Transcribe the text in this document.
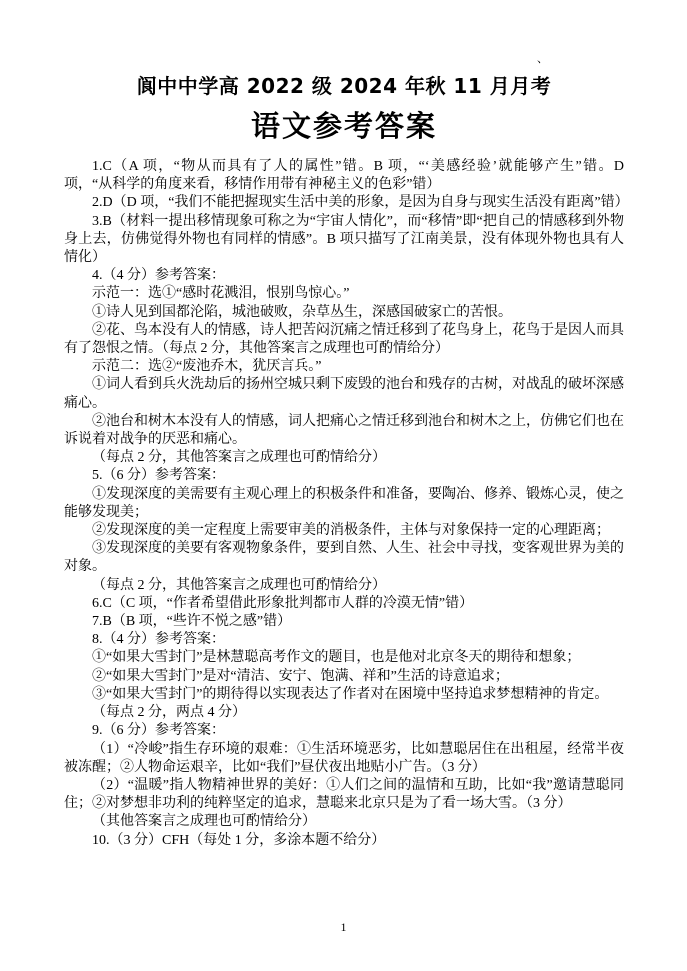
、
阆中中学高 2022 级 2024 年秋 11 月月考
语文参考答案

1.C（A 项，“物从而具有了人的属性”错。B 项，“‘美感经验’就能够产生”错。D 项，“从科学的角度来看，移情作用带有神秘主义的色彩”错）

2.D（D 项，“我们不能把握现实生活中美的形象，是因为自身与现实生活没有距离”错）

3.B（材料一提出移情现象可称之为“宇宙人情化”，而“移情”即“把自己的情感移到外物身上去，仿佛觉得外物也有同样的情感”。B 项只描写了江南美景，没有体现外物也具有人情化）

4.（4 分）参考答案：

示范一：选①“感时花溅泪，恨别鸟惊心。”

①诗人见到国都沦陷，城池破败，杂草丛生，深感国破家亡的苦恨。

②花、鸟本没有人的情感，诗人把苦闷沉痛之情迁移到了花鸟身上，花鸟于是因人而具有了怨恨之情。（每点 2 分，其他答案言之成理也可酌情给分）

示范二：选②“废池乔木，犹厌言兵。”

①词人看到兵火洗劫后的扬州空城只剩下废毁的池台和残存的古树，对战乱的破坏深感痛心。

②池台和树木本没有人的情感，词人把痛心之情迁移到池台和树木之上，仿佛它们也在诉说着对战争的厌恶和痛心。

（每点 2 分，其他答案言之成理也可酌情给分）

5.（6 分）参考答案：

①发现深度的美需要有主观心理上的积极条件和准备，要陶冶、修养、锻炼心灵，使之能够发现美；

②发现深度的美一定程度上需要审美的消极条件，主体与对象保持一定的心理距离；

③发现深度的美要有客观物象条件，要到自然、人生、社会中寻找，变客观世界为美的对象。

（每点 2 分，其他答案言之成理也可酌情给分）

6.C（C 项，“作者希望借此形象批判都市人群的冷漠无情”错）

7.B（B 项，“些许不悦之感”错）

8.（4 分）参考答案：

①“如果大雪封门”是林慧聪高考作文的题目，也是他对北京冬天的期待和想象；

②“如果大雪封门”是对“清洁、安宁、饱满、祥和”生活的诗意追求；

③“如果大雪封门”的期待得以实现表达了作者对在困境中坚持追求梦想精神的肯定。

（每点 2 分，两点 4 分）

9.（6 分）参考答案：

（1）“冷峻”指生存环境的艰难：①生活环境恶劣，比如慧聪居住在出租屋，经常半夜被冻醒；②人物命运艰辛，比如“我们”昼伏夜出地贴小广告。（3 分）

（2）“温暖”指人物精神世界的美好：①人们之间的温情和互助，比如“我”邀请慧聪同住；②对梦想非功利的纯粹坚定的追求，慧聪来北京只是为了看一场大雪。（3 分）

（其他答案言之成理也可酌情给分）

10.（3 分）CFH（每处 1 分，多涂本题不给分）

1
